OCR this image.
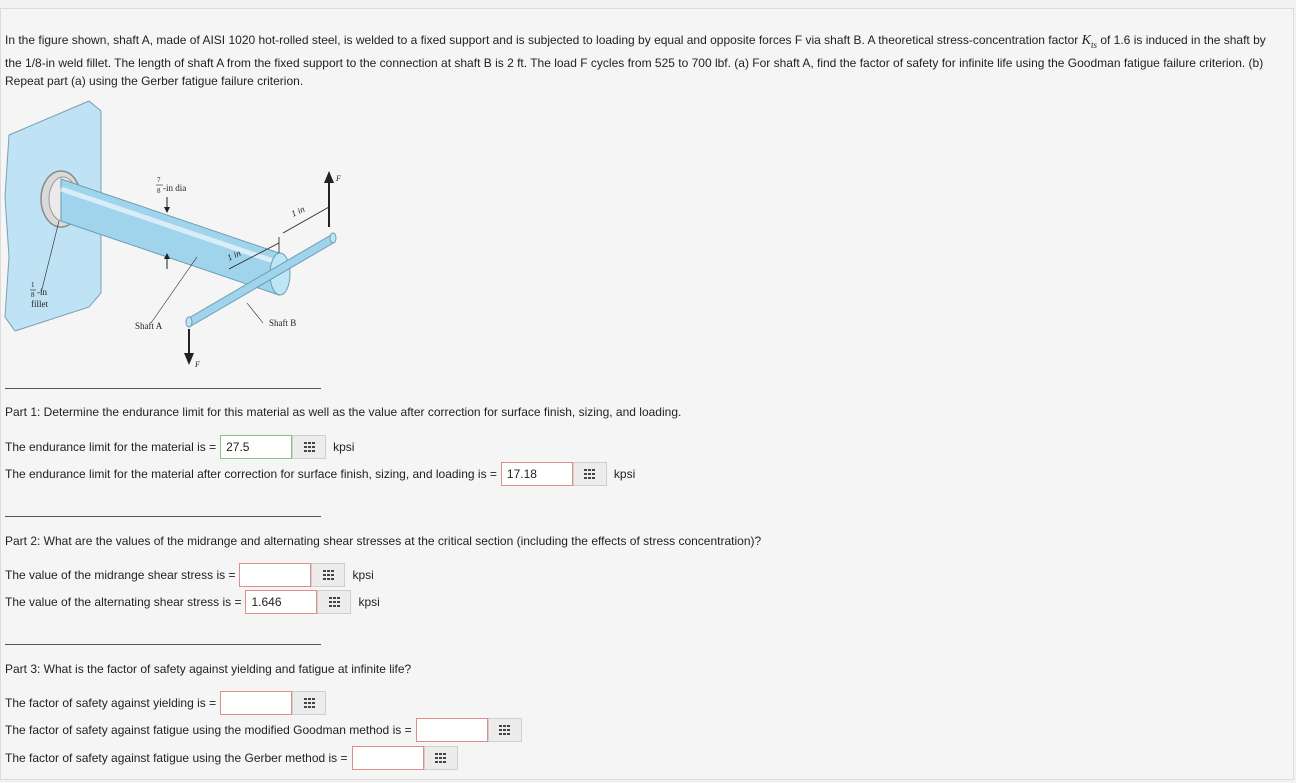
In the figure shown, shaft A, made of AISI 1020 hot-rolled steel, is welded to a fixed support and is subjected to loading by equal and opposite forces F via shaft B. A theoretical stress-concentration factor $K_{ts}$ of 1.6 is induced in the shaft by the 1/8-in weld fillet. The length of shaft A from the fixed support to the connection at shaft B is 2 ft. The load F cycles from 525 to 700 lbf. (a) For shaft A, find the factor of safety for infinite life using the Goodman fatigue failure criterion. (b) Repeat part (a) using the Gerber fatigue failure criterion.
7
8 -in dia
1 in
1 in
1
8 -in
fillet
Shaft A	Shaft B
F
F
Part 1: Determine the endurance limit for this material as well as the value after correction for surface finish, sizing, and loading.
The endurance limit for the material is =
27.5	kpsi
The endurance limit for the material after correction for surface finish, sizing, and loading is =
17.18	kpsi
Part 2: What are the values of the midrange and alternating shear stresses at the critical section (including the effects of stress concentration)?
The value of the midrange shear stress is =	kpsi
The value of the alternating shear stress is =
1.646	kpsi
Part 3: What is the factor of safety against yielding and fatigue at infinite life?
The factor of safety against yielding is =
The factor of safety against fatigue using the modified Goodman method is =
The factor of safety against fatigue using the Gerber method is =
